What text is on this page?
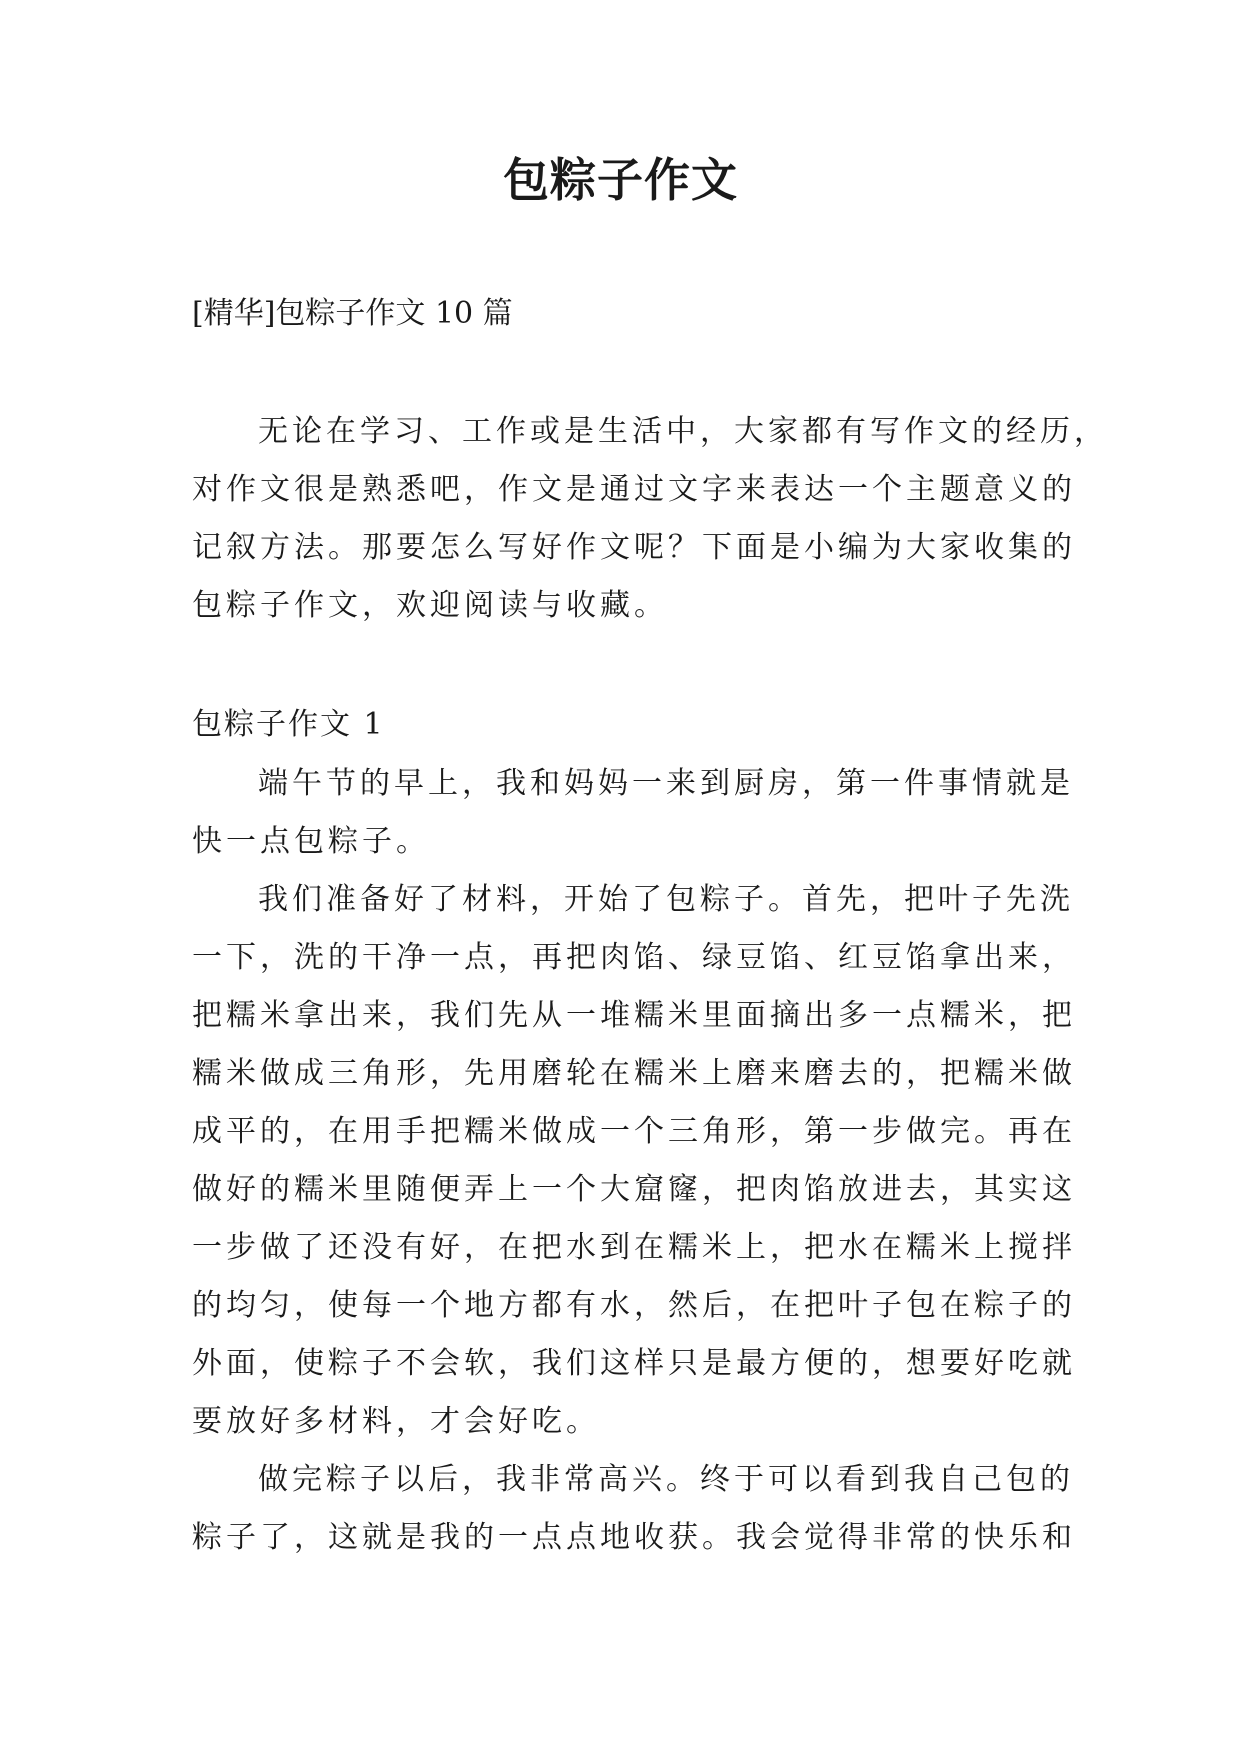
包粽子作文
[精华]包粽子作文 10 篇
无论在学习、工作或是生活中，大家都有写作文的经历，
对作文很是熟悉吧，作文是通过文字来表达一个主题意义的
记叙方法。那要怎么写好作文呢？下面是小编为大家收集的
包粽子作文，欢迎阅读与收藏。
包粽子作文 1
端午节的早上，我和妈妈一来到厨房，第一件事情就是
快一点包粽子。
我们准备好了材料，开始了包粽子。首先，把叶子先洗
一下，洗的干净一点，再把肉馅、绿豆馅、红豆馅拿出来，
把糯米拿出来，我们先从一堆糯米里面摘出多一点糯米，把
糯米做成三角形，先用磨轮在糯米上磨来磨去的，把糯米做
成平的，在用手把糯米做成一个三角形，第一步做完。再在
做好的糯米里随便弄上一个大窟窿，把肉馅放进去，其实这
一步做了还没有好，在把水到在糯米上，把水在糯米上搅拌
的均匀，使每一个地方都有水，然后，在把叶子包在粽子的
外面，使粽子不会软，我们这样只是最方便的，想要好吃就
要放好多材料，才会好吃。
做完粽子以后，我非常高兴。终于可以看到我自己包的
粽子了，这就是我的一点点地收获。我会觉得非常的快乐和
